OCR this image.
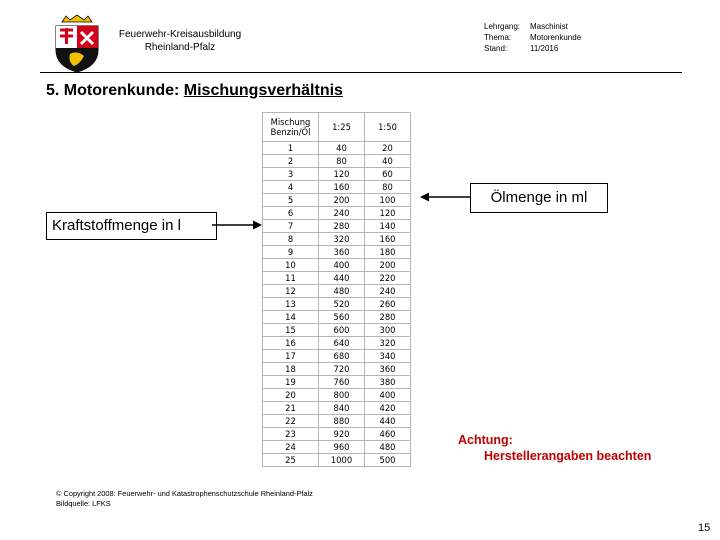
Feuerwehr-Kreisausbildung
Rheinland-Pfalz
Lehrgang:	Maschinist
Thema:	Motorenkunde
Stand:	11/2016
5. Motorenkunde: Mischungsverhältnis
Mischung Benzin/Öl	1:25	1:50
1	40	20
2	80	40
3	120	60
4	160	80
5	200	100
6	240	120
7	280	140
8	320	160
9	360	180
10	400	200
11	440	220
12	480	240
13	520	260
14	560	280
15	600	300
16	640	320
17	680	340
18	720	360
19	760	380
20	800	400
21	840	420
22	880	440
23	920	460
24	960	480
25	1000	500
Kraftstoffmenge in l
Ölmenge in ml
Achtung:
Herstellerangaben beachten
© Copyright 2008: Feuerwehr- und Katastrophenschutzschule Rheinland-Pfalz
Bildquelle: LFKS
15
